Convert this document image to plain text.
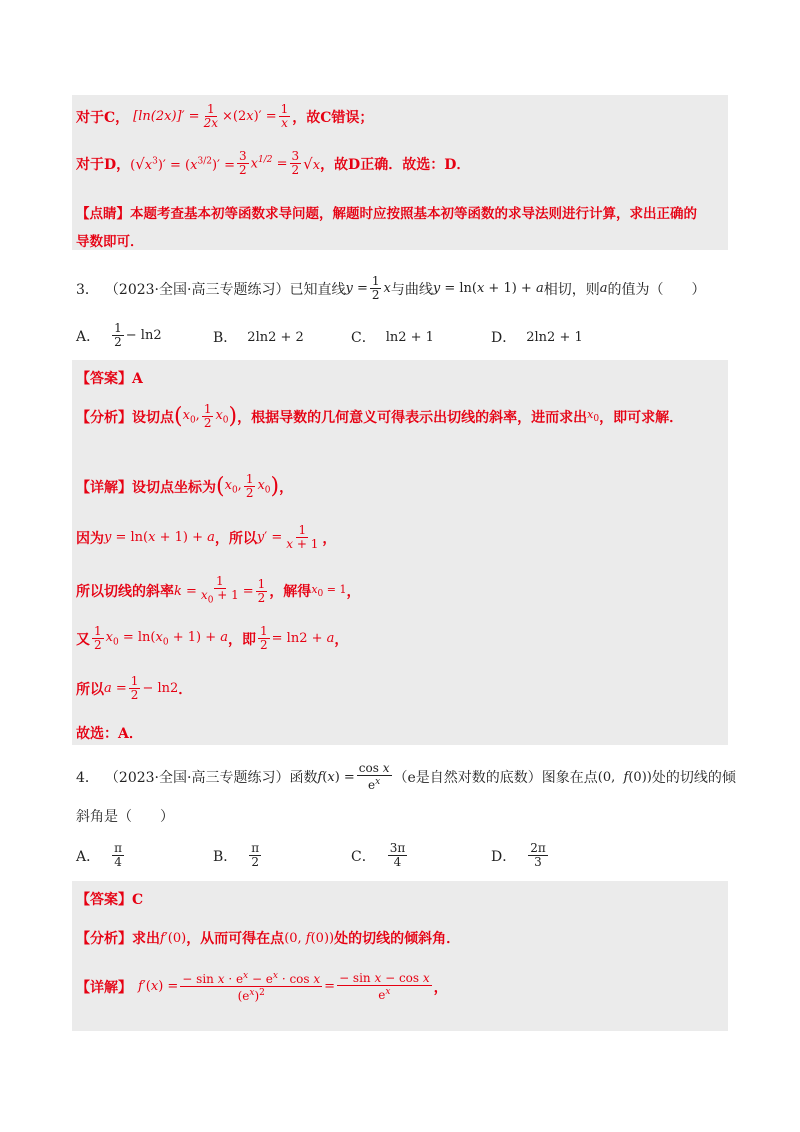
对于C， $[\ln(2x)]' = \frac{1}{2x} \times(2x)' = \frac{1}{x}$ ，故C错误；
对于D， $(√x^3)' = (x^{3/2})' = \frac{3}{2} x^{1/2} = \frac{3}{2} √x$ ，故D正确．故选：D．
【点睛】本题考查基本初等函数求导问题，解题时应按照基本初等函数的求导法则进行计算，求出正确的
导数即可．
3． （2023·全国·高三专题练习） 已知直线 $y = \frac{1}{2}$ x 与曲线 y = ln(x + 1) + a 相切，则 a 的值为（　　）
A． $\frac{1}{2} - \ln 2$	B． 2ln2 + 2	C． ln2 + 1	D． 2ln2 + 1
【答案】A
【分析】设切点 ( $x_0$, $\frac{1}{2} x_0$ ) ，根据导数的几何意义可得表示出切线的斜率，进而求出 $x_0$ ，即可求解．
【详解】设切点坐标为 ( $x_0$, $\frac{1}{2} x_0$ ) ，
因为 y = ln(x + 1) + a ，所以 $y' = \frac{1}{x + 1}$ ，
所以切线的斜率 $k = \frac{1}{x_0 + 1} = \frac{1}{2}$ ，解得 $x_0 = 1$ ，
又 $\frac{1}{2} x_0 = \ln(x_0 + 1) + a$ ，即 $\frac{1}{2} = \ln 2 + a$ ，
所以 $a = \frac{1}{2} - \ln 2$ ．
故选：A．
4． （2023·全国·高三专题练习） 函数 $f(x) = \frac{\text{cos x}}{e^x} (e$是自然对数的底数）图象在点 (0,  f(0)) 处的切线的倾
斜角是（　　）
A． $\frac{\pi}{4}$	B． $\frac{\pi}{2}$	C． $\frac{3\pi}{4}$	D． $\frac{2\pi}{3}$
【答案】C
【分析】求出 f′(0) ，从而可得在点 (0, f(0)) 处的切线的倾斜角．
【详解】 $f'(x) = \frac{- \sin x \cdot e^x - e^x \cdot \cos x}{(e^x)^2} = \frac{\text{− sin x − cos x}}{e^x}$ ，
